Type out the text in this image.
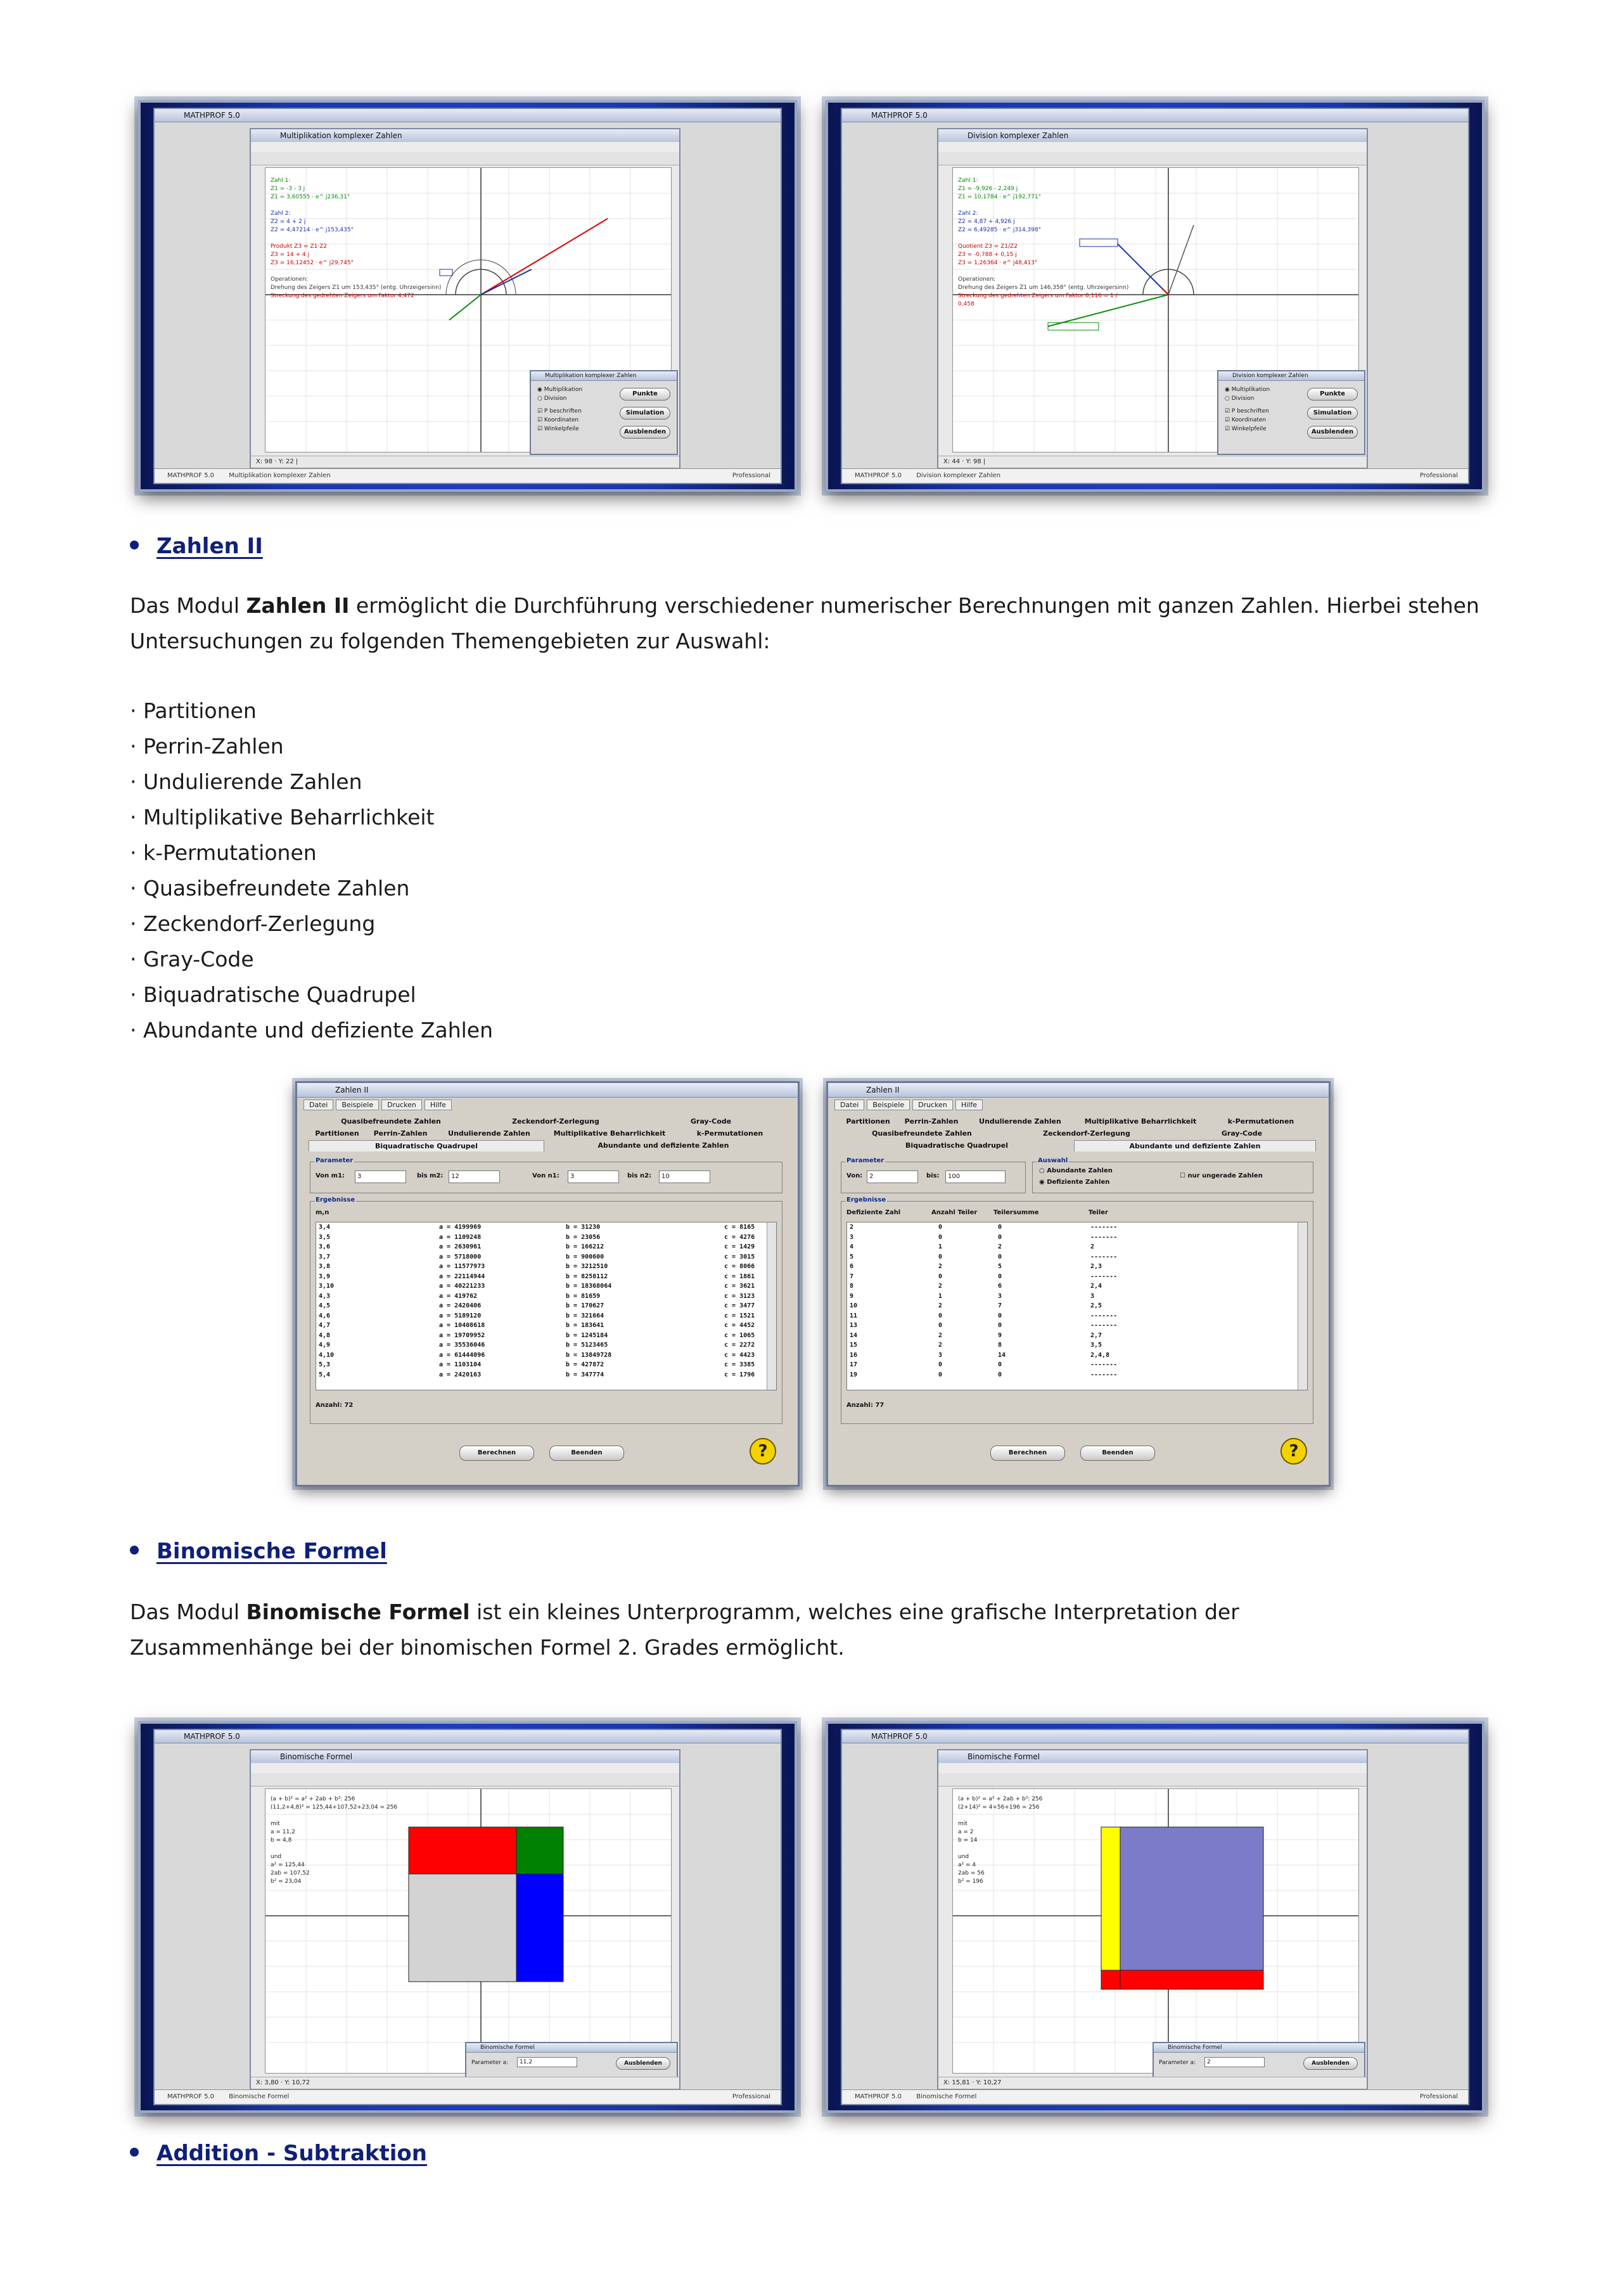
MATHPROF 5.0
Multiplikation komplexer Zahlen
Zahl 1:
Z1 = -3 - 3 j
Z1 = 3,60555 · e^ j236,31°

Zahl 2:
Z2 = 4 + 2 j
Z2 = 4,47214 · e^ j153,435°

Produkt Z3 = Z1·Z2
Z3 = 14 + 4 j
Z3 = 16,12452 · e^ j29,745°

Operationen:
Drehung des Zeigers Z1 um 153,435° (entg. Uhrzeigersinn)
Streckung des gedrehten Zeigers um Faktor 4,472
Multiplikation komplexer Zahlen
◉ Multiplikation
○ Division
☑ P beschriften
☑ Koordinaten
☑ Winkelpfeile
Punkte
Simulation
Ausblenden
X: 98 · Y: 22 |
MATHPROF 5.0 Multiplikation komplexer Zahlen	Professional
MATHPROF 5.0
Division komplexer Zahlen
Zahl 1:
Z1 = -9,926 - 2,249 j
Z1 = 10,1784 · e^ j192,771°

Zahl 2:
Z2 = 4,87 + 4,926 j
Z2 = 6,49285 · e^ j314,398°

Quotient Z3 = Z1/Z2
Z3 = -0,788 + 0,15 j
Z3 = 1,26364 · e^ j48,413°

Operationen:
Drehung des Zeigers Z1 um 146,358° (entg. Uhrzeigersinn)
Streckung des gedrehten Zeigers um Faktor 0,116 = 1 / 0,458
Division komplexer Zahlen
◉ Multiplikation
○ Division
☑ P beschriften
☑ Koordinaten
☑ Winkelpfeile
Punkte
Simulation
Ausblenden
X: 44 · Y: 98 |
MATHPROF 5.0 Division komplexer Zahlen	Professional
Zahlen II
Das Modul Zahlen II ermöglicht die Durchführung verschiedener numerischer Berechnungen mit ganzen Zahlen. Hierbei stehen Untersuchungen zu folgenden Themengebieten zur Auswahl:
· Partitionen
· Perrin-Zahlen
· Undulierende Zahlen
· Multiplikative Beharrlichkeit
· k-Permutationen
· Quasibefreundete Zahlen
· Zeckendorf-Zerlegung
· Gray-Code
· Biquadratische Quadrupel
· Abundante und defiziente Zahlen
Zahlen II
Datei Beispiele Drucken Hilfe
Quasibefreundete Zahlen	Zeckendorf-Zerlegung	Gray-Code
Partitionen	Perrin-Zahlen	Undulierende Zahlen	Multiplikative Beharrlichkeit	k-Permutationen
Biquadratische Quadrupel	Abundante und defiziente Zahlen
Parameter
Von m1:	3	bis m2:	12	Von n1:	3	bis n2:	10
Ergebnisse
m,n
3,4	a = 4199969	b = 31230	c = 8165
3,5	a = 1109248	b = 23056	c = 4276
3,6	a = 2630961	b = 166212	c = 1429
3,7	a = 5718000	b = 900600	c = 3015
3,8	a = 11577973	b = 3212510	c = 8066
3,9	a = 22114944	b = 8258112	c = 1861
3,10	a = 40221233	b = 18368064	c = 3621
4,3	a = 419762	b = 81659	c = 3123
4,5	a = 2420406	b = 170627	c = 3477
4,6	a = 5189120	b = 321664	c = 1521
4,7	a = 10408618	b = 183641	c = 4452
4,8	a = 19709952	b = 1245184	c = 1065
4,9	a = 35536046	b = 5123465	c = 2272
4,10	a = 61444096	b = 13849728	c = 4423
5,3	a = 1103104	b = 427872	c = 3385
5,4	a = 2420163	b = 347774	c = 1796
Anzahl: 72
Berechnen	Beenden	?
Zahlen II
Datei Beispiele Drucken Hilfe
Partitionen	Perrin-Zahlen	Undulierende Zahlen	Multiplikative Beharrlichkeit	k-Permutationen
Quasibefreundete Zahlen	Zeckendorf-Zerlegung	Gray-Code
Biquadratische Quadrupel	Abundante und defiziente Zahlen
Parameter
Von:	2	bis:	100
Auswahl
○ Abundante Zahlen
◉ Defiziente Zahlen
☐ nur ungerade Zahlen
Ergebnisse
Defiziente Zahl	Anzahl Teiler	Teilersumme	Teiler
2	0	0	-------
3	0	0	-------
4	1	2	2
5	0	0	-------
6	2	5	2,3
7	0	0	-------
8	2	6	2,4
9	1	3	3
10	2	7	2,5
11	0	0	-------
13	0	0	-------
14	2	9	2,7
15	2	8	3,5
16	3	14	2,4,8
17	0	0	-------
19	0	0	-------
Anzahl: 77
Berechnen	Beenden	?
Binomische Formel
Das Modul Binomische Formel ist ein kleines Unterprogramm, welches eine grafische Interpretation der Zusammenhänge bei der binomischen Formel 2. Grades ermöglicht.
MATHPROF 5.0
Binomische Formel
(a + b)² = a² + 2ab + b²: 256
(11,2+4,8)² = 125,44+107,52+23,04 = 256

mit
a = 11,2
b = 4,8

und
a² = 125,44
2ab = 107,52
b² = 23,04
Binomische Formel
Parameter a:	11,2	Ausblenden
X: 3,80 · Y: 10,72
MATHPROF 5.0 Binomische Formel	Professional
MATHPROF 5.0
Binomische Formel
(a + b)² = a² + 2ab + b²: 256
(2+14)² = 4+56+196 = 256

mit
a = 2
b = 14

und
a² = 4
2ab = 56
b² = 196
Binomische Formel
Parameter a:	2	Ausblenden
X: 15,81 · Y: 10,27
MATHPROF 5.0 Binomische Formel	Professional
Addition - Subtraktion
